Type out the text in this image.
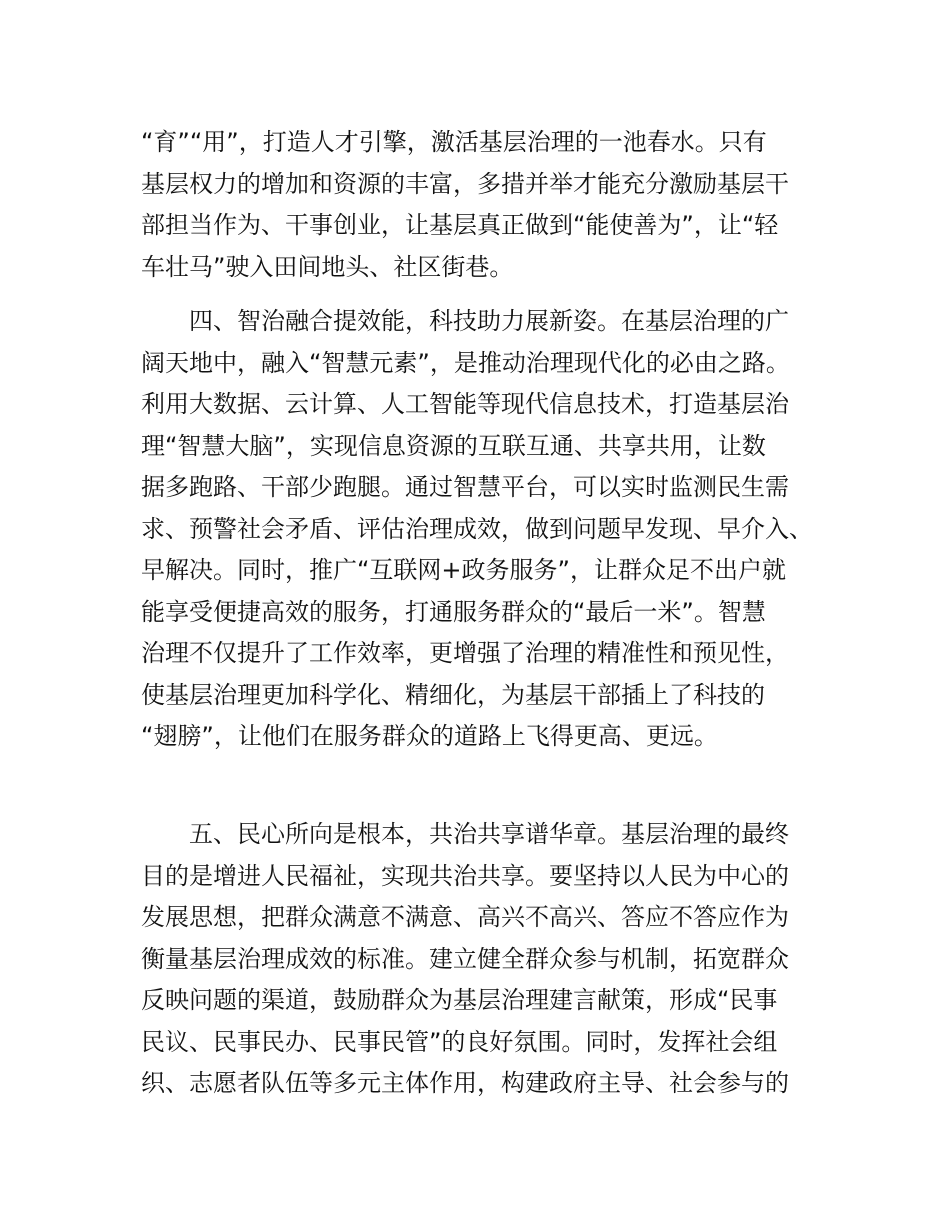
“育”“用”，打造人才引擎，激活基层治理的一池春水。只有
基层权力的增加和资源的丰富，多措并举才能充分激励基层干
部担当作为、干事创业，让基层真正做到“能使善为”，让“轻
车壮马”驶入田间地头、社区街巷。
　　四、智治融合提效能，科技助力展新姿。在基层治理的广
阔天地中，融入“智慧元素”，是推动治理现代化的必由之路。
利用大数据、云计算、人工智能等现代信息技术，打造基层治
理“智慧大脑”，实现信息资源的互联互通、共享共用，让数
据多跑路、干部少跑腿。通过智慧平台，可以实时监测民生需
求、预警社会矛盾、评估治理成效，做到问题早发现、早介入、
早解决。同时，推广“互联网+政务服务”，让群众足不出户就
能享受便捷高效的服务，打通服务群众的“最后一米”。智慧
治理不仅提升了工作效率，更增强了治理的精准性和预见性，
使基层治理更加科学化、精细化，为基层干部插上了科技的
“翅膀”，让他们在服务群众的道路上飞得更高、更远。
　　五、民心所向是根本，共治共享谱华章。基层治理的最终
目的是增进人民福祉，实现共治共享。要坚持以人民为中心的
发展思想，把群众满意不满意、高兴不高兴、答应不答应作为
衡量基层治理成效的标准。建立健全群众参与机制，拓宽群众
反映问题的渠道，鼓励群众为基层治理建言献策，形成“民事
民议、民事民办、民事民管”的良好氛围。同时，发挥社会组
织、志愿者队伍等多元主体作用，构建政府主导、社会参与的
